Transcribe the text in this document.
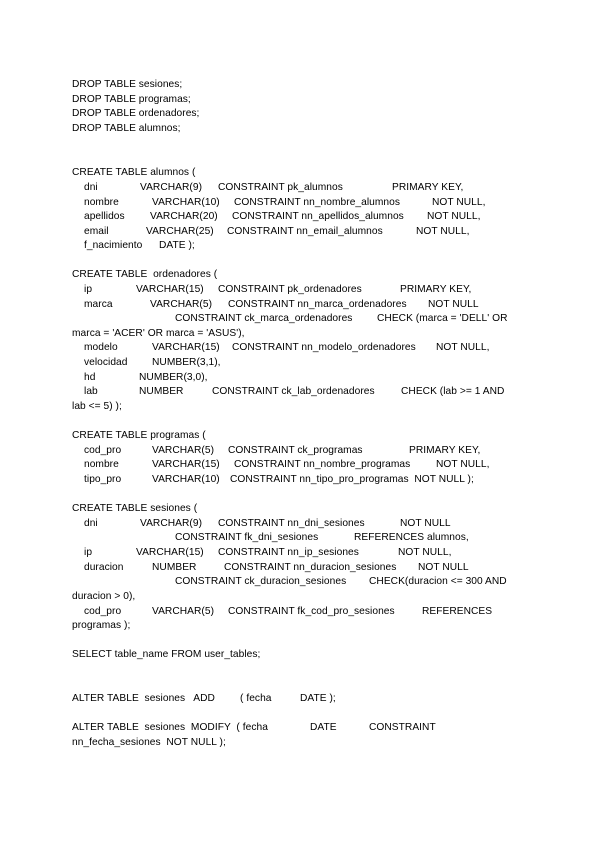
DROP TABLE sesiones;
DROP TABLE programas;
DROP TABLE ordenadores;
DROP TABLE alumnos;
CREATE TABLE alumnos (
dni	VARCHAR(9) CONSTRAINT pk_alumnos	PRIMARY KEY,
nombre	VARCHAR(10) CONSTRAINT nn_nombre_alumnos	NOT NULL,
apellidos VARCHAR(20) CONSTRAINT nn_apellidos_alumnos NOT NULL,
email	VARCHAR(25) CONSTRAINT nn_email_alumnos	NOT NULL,
f_nacimiento DATE );
CREATE TABLE  ordenadores (
ip	VARCHAR(15) CONSTRAINT pk_ordenadores	PRIMARY KEY,
marca	VARCHAR(5) CONSTRAINT nn_marca_ordenadores NOT NULL
CONSTRAINT ck_marca_ordenadores CHECK (marca = 'DELL' OR
marca = 'ACER' OR marca = 'ASUS'),
modelo	VARCHAR(15) CONSTRAINT nn_modelo_ordenadores NOT NULL,
velocidad NUMBER(3,1),
hd	NUMBER(3,0),
lab	NUMBER	CONSTRAINT ck_lab_ordenadores	CHECK (lab >= 1 AND
lab <= 5) );
CREATE TABLE programas (
cod_pro	VARCHAR(5) CONSTRAINT ck_programas	PRIMARY KEY,
nombre	VARCHAR(15) CONSTRAINT nn_nombre_programas	NOT NULL,
tipo_pro	VARCHAR(10) CONSTRAINT nn_tipo_pro_programas  NOT NULL );
CREATE TABLE sesiones (
dni	VARCHAR(9) CONSTRAINT nn_dni_sesiones	NOT NULL
CONSTRAINT fk_dni_sesiones	REFERENCES alumnos,
ip	VARCHAR(15) CONSTRAINT nn_ip_sesiones	NOT NULL,
duracion	NUMBER	CONSTRAINT nn_duracion_sesiones NOT NULL
CONSTRAINT ck_duracion_sesiones CHECK(duracion <= 300 AND
duracion > 0),
cod_pro	VARCHAR(5) CONSTRAINT fk_cod_pro_sesiones	REFERENCES
programas );
SELECT table_name FROM user_tables;
ALTER TABLE  sesiones   ADD ( fecha	DATE );
ALTER TABLE  sesiones  MODIFY  ( fecha	DATE	CONSTRAINT
nn_fecha_sesiones  NOT NULL );
